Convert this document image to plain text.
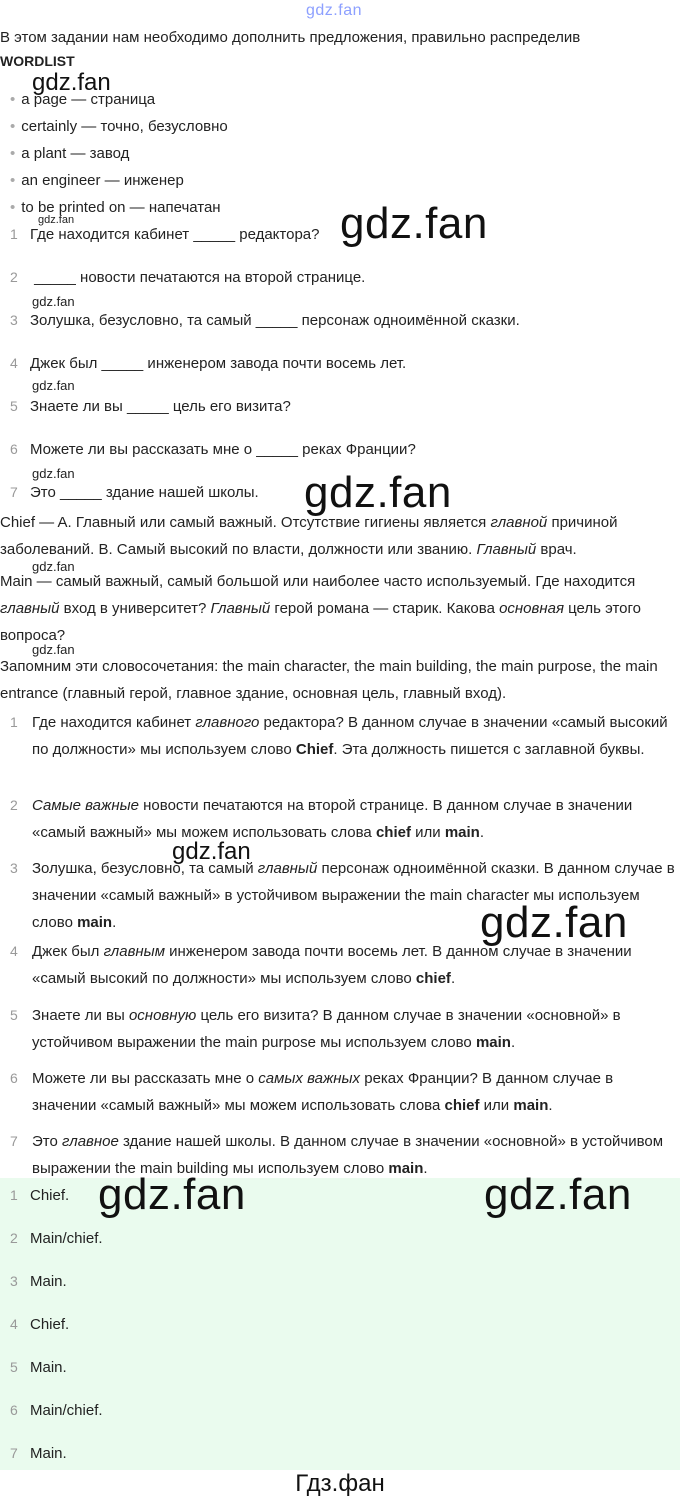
gdz.fan
В этом задании нам необходимо дополнить предложения, правильно распределив
WORDLIST
gdz.fan
• a page — страница
• certainly — точно, безусловно
• a plant — завод
• an engineer — инженер
• to be printed on — напечатан
gdz.fan	gdz.fan
1 Где находится кабинет _____ редактора?
2 _____ новости печатаются на второй странице.
gdz.fan
3 Золушка, безусловно, та самый _____ персонаж одноимённой сказки.
4 Джек был _____ инженером завода почти восемь лет.
gdz.fan
5 Знаете ли вы _____ цель его визита?
6 Можете ли вы рассказать мне о _____ реках Франции?
gdz.fan
7 Это _____ здание нашей школы. gdz.fan
Chief — A. Главный или самый важный. Отсутствие гигиены является главной причиной заболеваний. B. Самый высокий по власти, должности или званию. Главный врач.
gdz.fan
Main — самый важный, самый большой или наиболее часто используемый. Где находится главный вход в университет? Главный герой романа — старик. Какова основная цель этого вопроса?
gdz.fan
Запомним эти словосочетания: the main character, the main building, the main purpose, the main entrance (главный герой, главное здание, основная цель, главный вход).
1 Где находится кабинет главного редактора? В данном случае в значении «самый высокий по должности» мы используем слово Chief. Эта должность пишется с заглавной буквы.
2 Самые важные новости печатаются на второй странице. В данном случае в значении «самый важный» мы можем использовать слова chief или main.
gdz.fan
3 Золушка, безусловно, та самый главный персонаж одноимённой сказки. В данном случае в значении «самый важный» в устойчивом выражении the main character мы используем слово main.	gdz.fan
4 Джек был главным инженером завода почти восемь лет. В данном случае в значении «самый высокий по должности» мы используем слово chief.
5 Знаете ли вы основную цель его визита? В данном случае в значении «основной» в устойчивом выражении the main purpose мы используем слово main.
6 Можете ли вы рассказать мне о самых важных реках Франции? В данном случае в значении «самый важный» мы можем использовать слова chief или main.
7 Это главное здание нашей школы. В данном случае в значении «основной» в устойчивом выражении the main building мы используем слово main.
gdz.fan	gdz.fan
1 Chief.
2 Main/chief.
3 Main.
4 Chief.
5 Main.
6 Main/chief.
7 Main.
Гдз.фан
